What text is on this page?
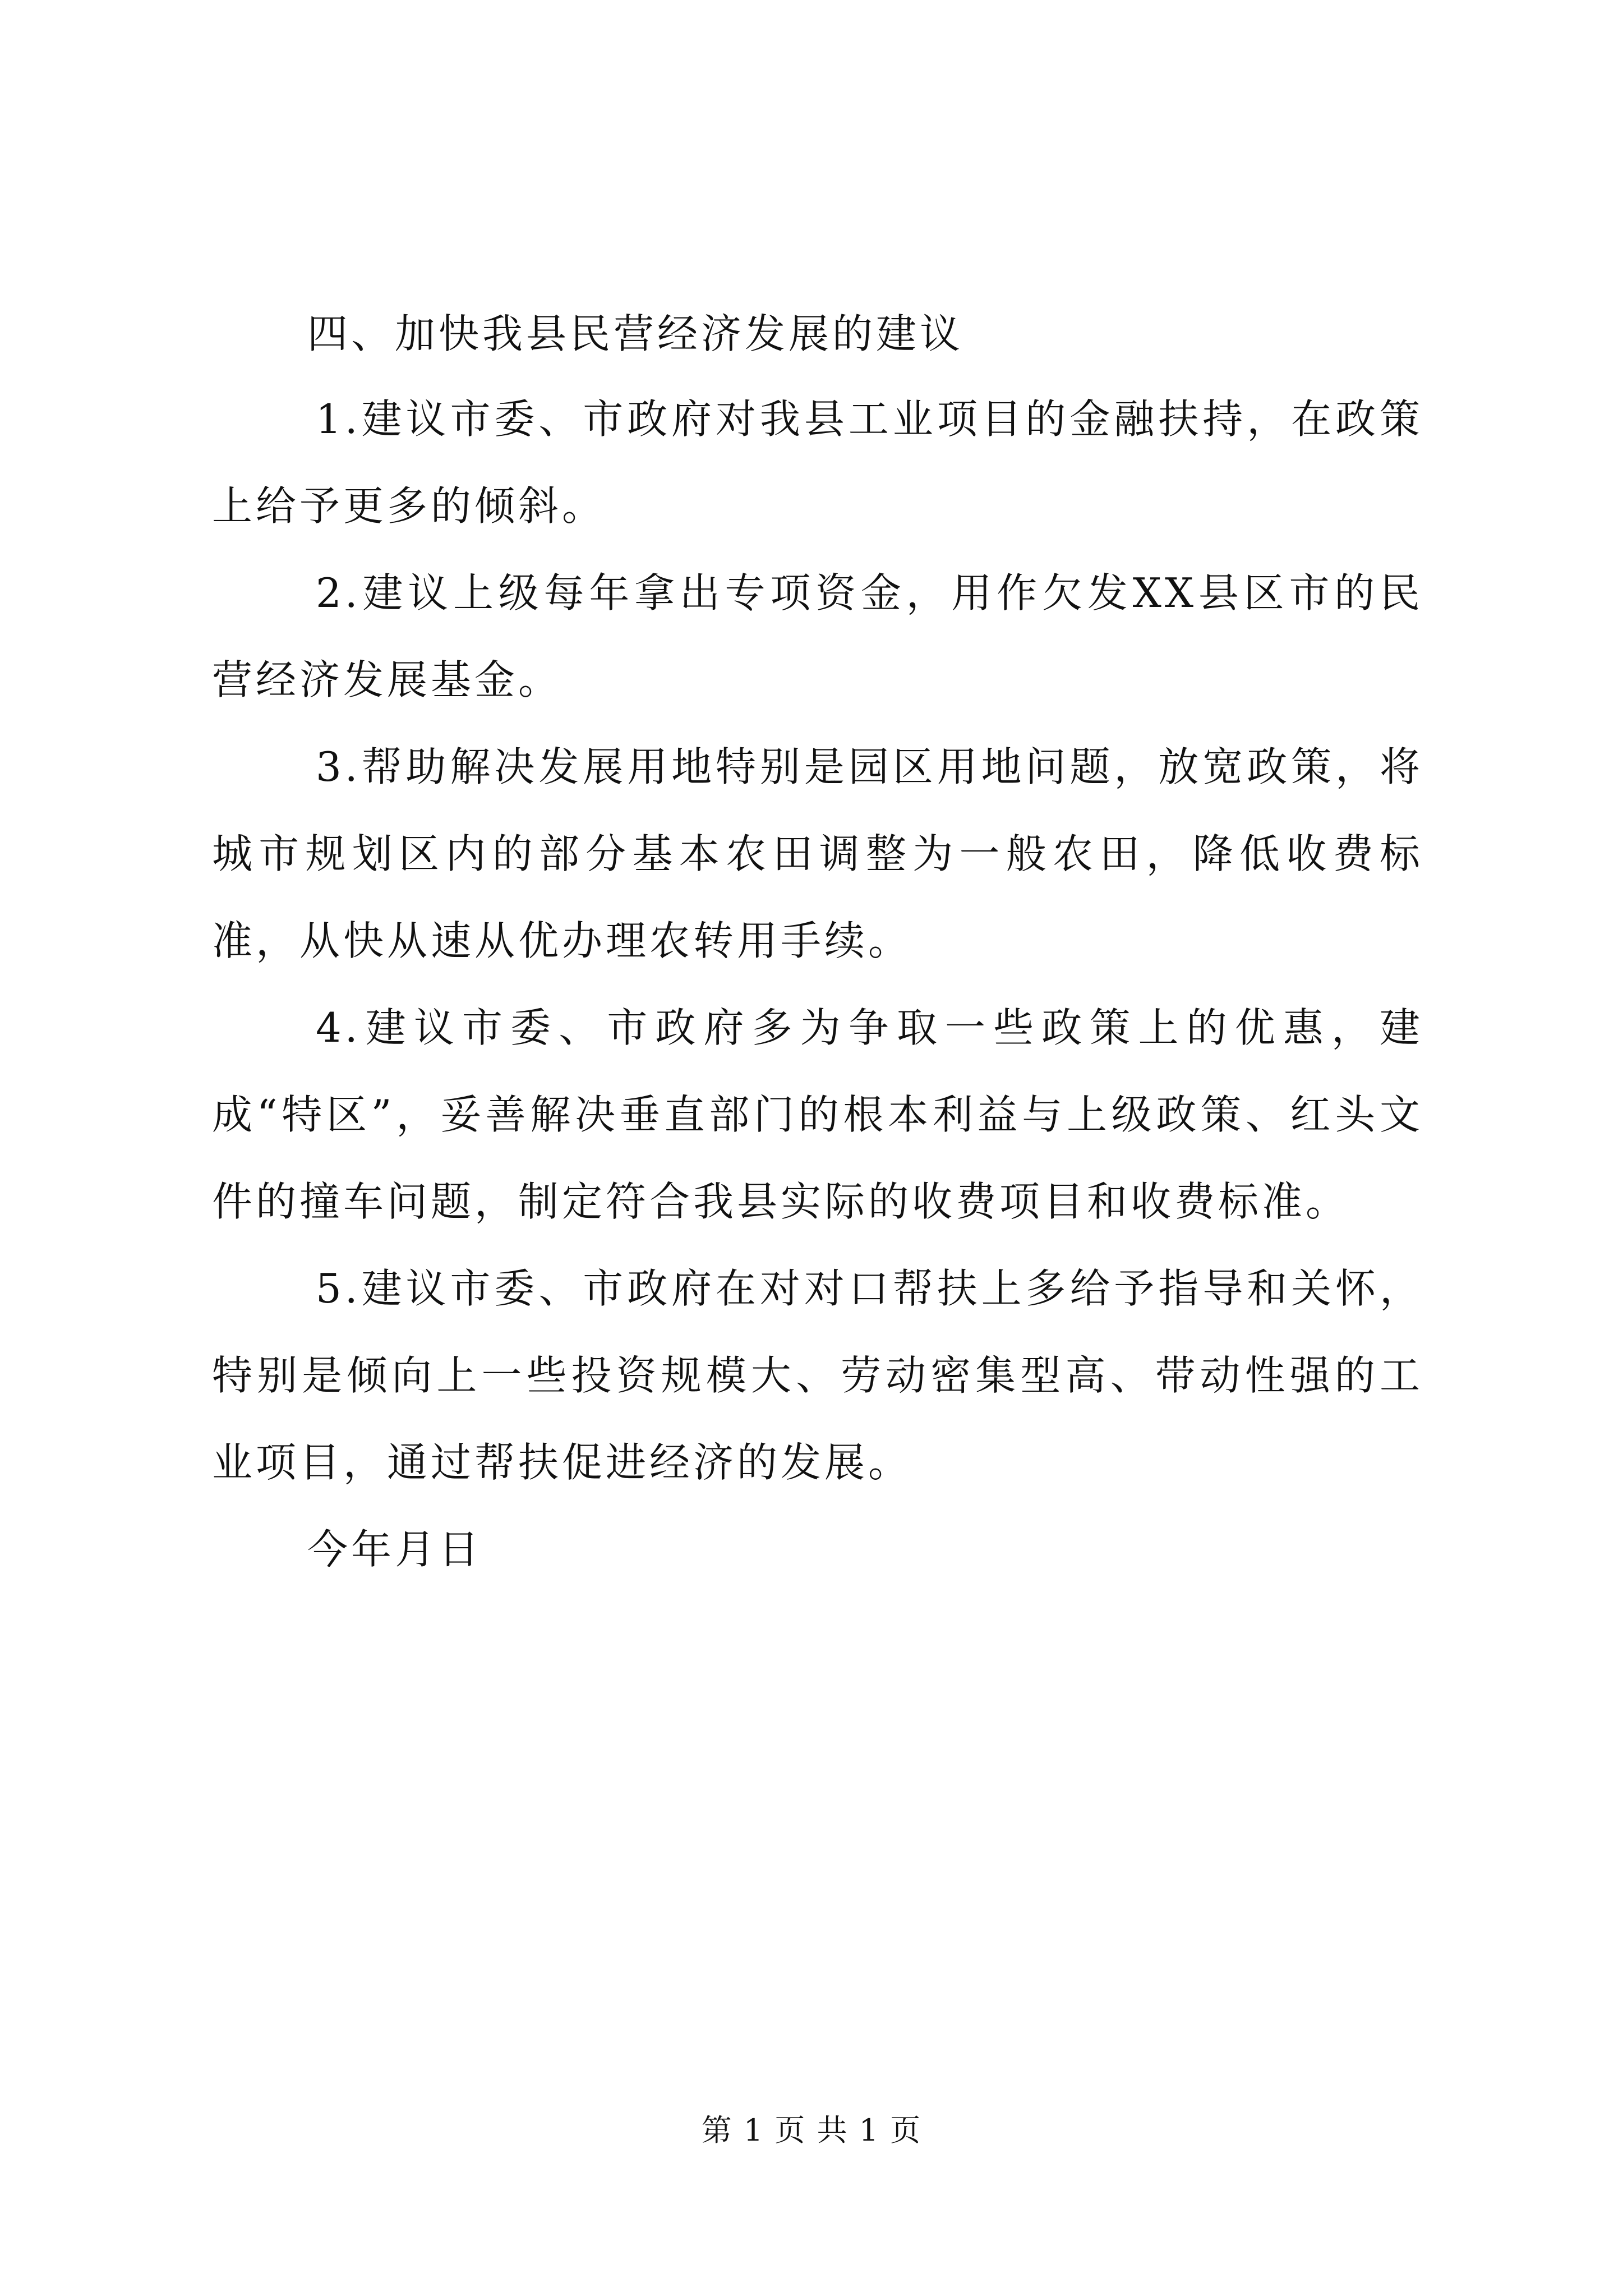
四、加快我县民营经济发展的建议

1.建议市委、市政府对我县工业项目的金融扶持，在政策上给予更多的倾斜。

2.建议上级每年拿出专项资金，用作欠发XX县区市的民营经济发展基金。

3.帮助解决发展用地特别是园区用地问题，放宽政策，将城市规划区内的部分基本农田调整为一般农田，降低收费标准，从快从速从优办理农转用手续。

4.建议市委、市政府多为争取一些政策上的优惠，建成“特区”，妥善解决垂直部门的根本利益与上级政策、红头文件的撞车问题，制定符合我县实际的收费项目和收费标准。

5.建议市委、市政府在对对口帮扶上多给予指导和关怀，特别是倾向上一些投资规模大、劳动密集型高、带动性强的工业项目，通过帮扶促进经济的发展。

今年月日

第 1 页 共 1 页
